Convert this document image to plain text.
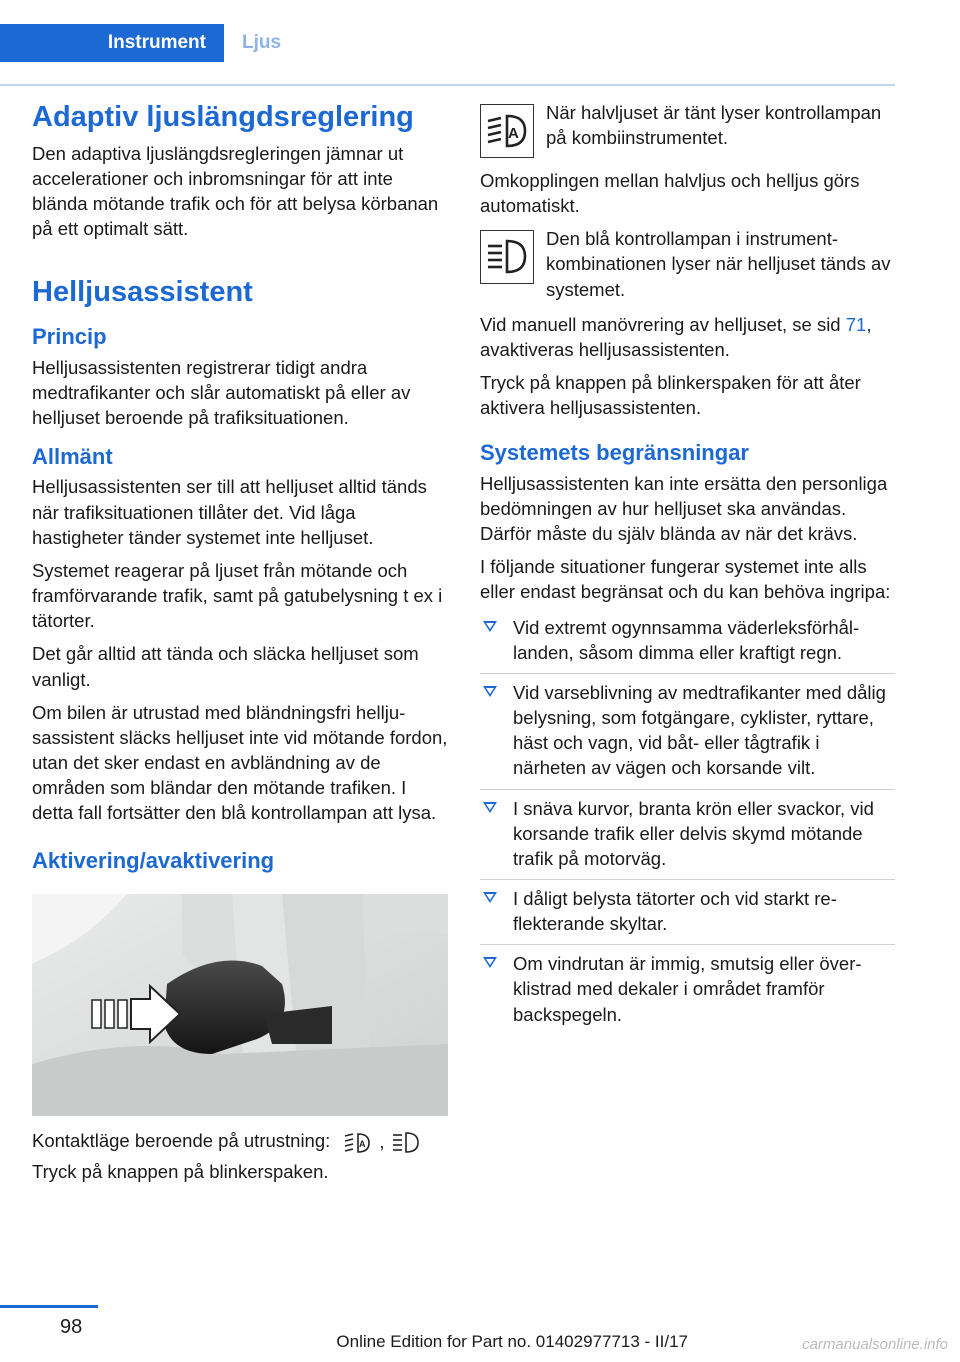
Instrument Ljus
Adaptiv ljuslängdsreglering

Den adaptiva ljuslängdsregleringen jämnar ut accelerationer och inbromsningar för att inte blända mötande trafik och för att belysa körbanan på ett optimalt sätt.

Helljusassistent
Princip

Helljusassistenten registrerar tidigt andra medtrafikanter och slår automatiskt på eller av helljuset beroende på trafiksituationen.

Allmänt

Helljusassistenten ser till att helljuset alltid tänds när trafiksituationen tillåter det. Vid låga hastigheter tänder systemet inte helljuset.

Systemet reagerar på ljuset från mötande och framförvarande trafik, samt på gatubelysning t ex i tätorter.

Det går alltid att tända och släcka helljuset som vanligt.

Om bilen är utrustad med bländningsfri helljusassistent släcks helljuset inte vid mötande fordon, utan det sker endast en avbländning av de områden som bländar den mötande trafiken. I detta fall fortsätter den blå kontrollampan att lysa.

Aktivering/avaktivering

Kontaktläge beroende på utrustning:	A ,

Tryck på knappen på blinkerspaken.

A

När halvljuset är tänt lyser kontrollampan på kombiinstrumentet.

Omkopplingen mellan halvljus och helljus görs automatiskt.

Den blå kontrollampan i instrumentkombinationen lyser när helljuset tänds av systemet.

Vid manuell manövrering av helljuset, se sid 71, avaktiveras helljusassistenten.

Tryck på knappen på blinkerspaken för att åter aktivera helljusassistenten.

Systemets begränsningar

Helljusassistenten kan inte ersätta den personliga bedömningen av hur helljuset ska användas. Därför måste du själv blända av när det krävs.

I följande situationer fungerar systemet inte alls eller endast begränsat och du kan behöva ingripa:

Vid extremt ogynnsamma väderleksförhållanden, såsom dimma eller kraftigt regn.
Vid varseblivning av medtrafikanter med dålig belysning, som fotgängare, cyklister, ryttare, häst och vagn, vid båt- eller tågtrafik i närheten av vägen och korsande vilt.
I snäva kurvor, branta krön eller svackor, vid korsande trafik eller delvis skymd mötande trafik på motorväg.
I dåligt belysta tätorter och vid starkt reflekterande skyltar.
Om vindrutan är immig, smutsig eller överklistrad med dekaler i området framför backspegeln.
98
Online Edition for Part no. 01402977713 - II/17	carmanualsonline.info
